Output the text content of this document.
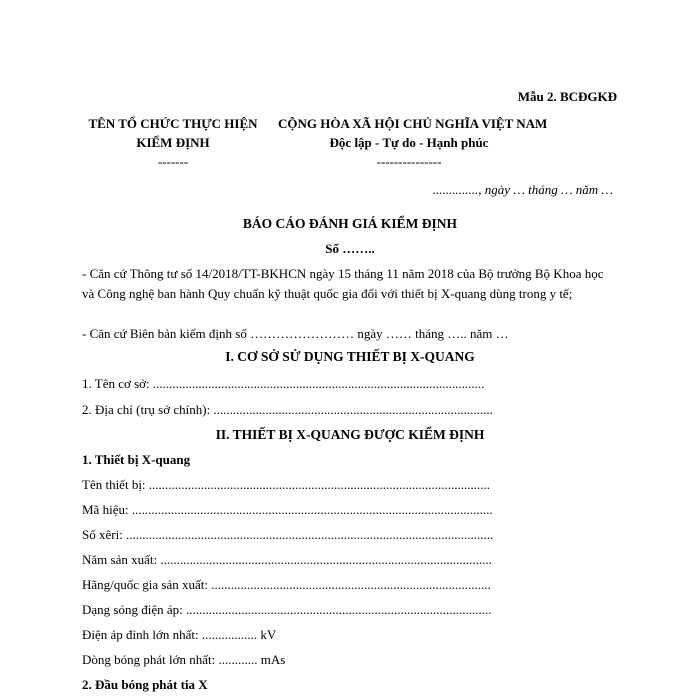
Mẫu 2. BCĐGKĐ
TÊN TỔ CHỨC THỰC HIỆN
KIỂM ĐỊNH
-------
CỘNG HÒA XÃ HỘI CHỦ NGHĨA VIỆT NAM
Độc lập - Tự do - Hạnh phúc
---------------
.............., ngày … tháng … năm …
BÁO CÁO ĐÁNH GIÁ KIỂM ĐỊNH
Số ……..
- Căn cứ Thông tư số 14/2018/TT-BKHCN ngày 15 tháng 11 năm 2018 của Bộ trưởng Bộ Khoa học và Công nghệ ban hành Quy chuẩn kỹ thuật quốc gia đối với thiết bị X-quang dùng trong y tế;
- Căn cứ Biên bản kiểm định số …………………… ngày …… tháng ….. năm …
I. CƠ SỞ SỬ DỤNG THIẾT BỊ X-QUANG
1. Tên cơ sở: ......................................................................................................
2. Địa chỉ (trụ sở chính): ......................................................................................
II. THIẾT BỊ X-QUANG ĐƯỢC KIỂM ĐỊNH
1. Thiết bị X-quang
Tên thiết bị: .........................................................................................................
Mã hiệu: ...............................................................................................................
Số xêri: .................................................................................................................
Năm sản xuất: ......................................................................................................
Hãng/quốc gia sản xuất: ......................................................................................
Dạng sóng điện áp: ..............................................................................................
Điện áp đỉnh lớn nhất: ................. kV
Dòng bóng phát lớn nhất: ............ mAs
2. Đầu bóng phát tia X
